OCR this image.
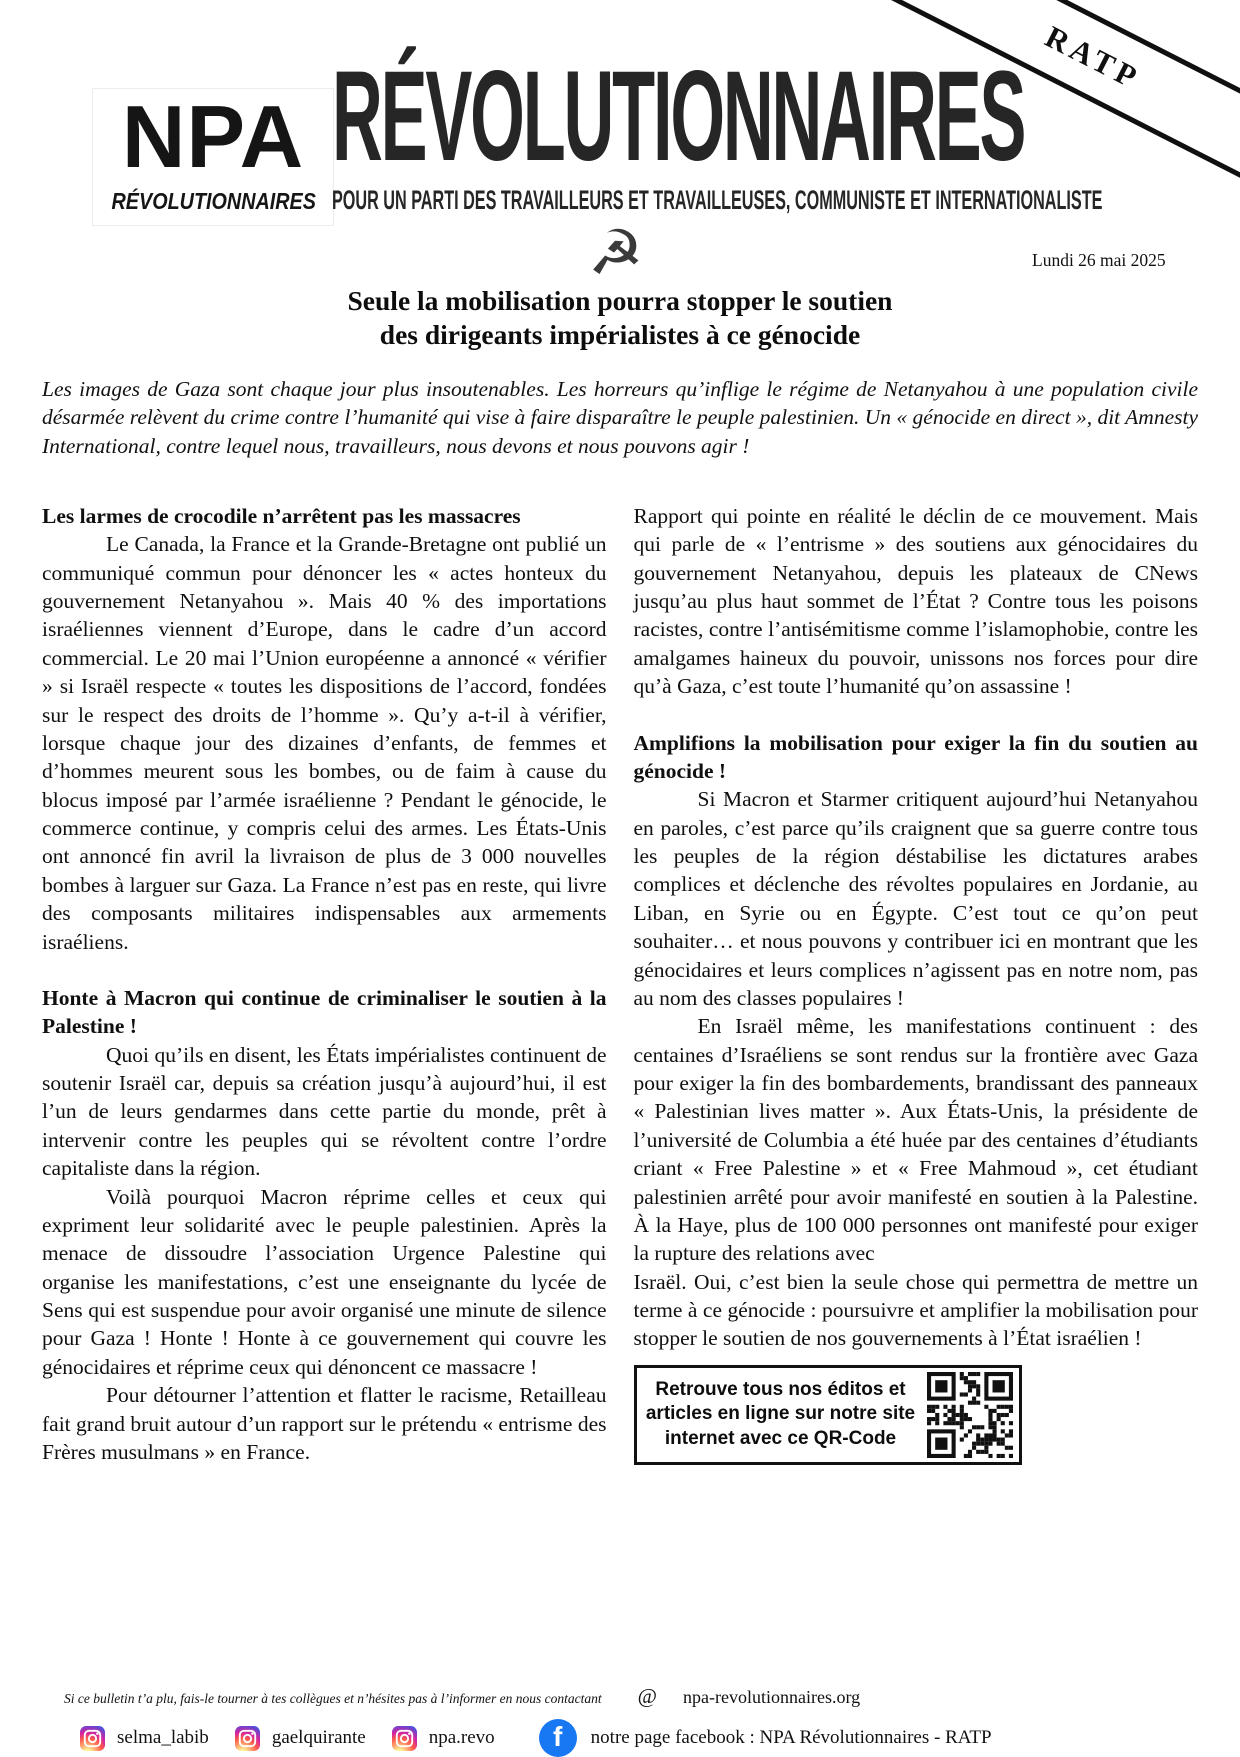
RATP
NPA
RÉVOLUTIONNAIRES
RÉVOLUTIONNAIRES
POUR UN PARTI DES TRAVAILLEURS ET TRAVAILLEUSES, COMMUNISTE ET INTERNATIONALISTE
Lundi 26 mai 2025
☭
Seule la mobilisation pourra stopper le soutien
des dirigeants impérialistes à ce génocide
Les images de Gaza sont chaque jour plus insoutenables. Les horreurs qu’inflige le régime de Netanyahou à une population civile désarmée relèvent du crime contre l’humanité qui vise à faire disparaître le peuple palestinien. Un « génocide en direct », dit Amnesty International, contre lequel nous, travailleurs, nous devons et nous pouvons agir !
Les larmes de crocodile n’arrêtent pas les massacres

Le Canada, la France et la Grande-Bretagne ont publié un communiqué commun pour dénoncer les « actes honteux du gouvernement Netanyahou ». Mais 40 % des importations israéliennes viennent d’Europe, dans le cadre d’un accord commercial. Le 20 mai l’Union européenne a annoncé « vérifier » si Israël respecte « toutes les dispositions de l’accord, fondées sur le respect des droits de l’homme ». Qu’y a-t-il à vérifier, lorsque chaque jour des dizaines d’enfants, de femmes et d’hommes meurent sous les bombes, ou de faim à cause du blocus imposé par l’armée israélienne ? Pendant le génocide, le commerce continue, y compris celui des armes. Les États-Unis ont annoncé fin avril la livraison de plus de 3 000 nouvelles bombes à larguer sur Gaza. La France n’est pas en reste, qui livre des composants militaires indispensables aux armements israéliens.

Honte à Macron qui continue de criminaliser le soutien à la Palestine !

Quoi qu’ils en disent, les États impérialistes continuent de soutenir Israël car, depuis sa création jusqu’à aujourd’hui, il est l’un de leurs gendarmes dans cette partie du monde, prêt à intervenir contre les peuples qui se révoltent contre l’ordre capitaliste dans la région.

Voilà pourquoi Macron réprime celles et ceux qui expriment leur solidarité avec le peuple palestinien. Après la menace de dissoudre l’association Urgence Palestine qui organise les manifestations, c’est une enseignante du lycée de Sens qui est suspendue pour avoir organisé une minute de silence pour Gaza ! Honte ! Honte à ce gouvernement qui couvre les génocidaires et réprime ceux qui dénoncent ce massacre !

Pour détourner l’attention et flatter le racisme, Retailleau fait grand bruit autour d’un rapport sur le prétendu « entrisme des Frères musulmans » en France.

Rapport qui pointe en réalité le déclin de ce mouvement. Mais qui parle de « l’entrisme » des soutiens aux génocidaires du gouvernement Netanyahou, depuis les plateaux de CNews jusqu’au plus haut sommet de l’État ? Contre tous les poisons racistes, contre l’antisémitisme comme l’islamophobie, contre les amalgames haineux du pouvoir, unissons nos forces pour dire qu’à Gaza, c’est toute l’humanité qu’on assassine !

Amplifions la mobilisation pour exiger la fin du soutien au génocide !

Si Macron et Starmer critiquent aujourd’hui Netanyahou en paroles, c’est parce qu’ils craignent que sa guerre contre tous les peuples de la région déstabilise les dictatures arabes complices et déclenche des révoltes populaires en Jordanie, au Liban, en Syrie ou en Égypte. C’est tout ce qu’on peut souhaiter… et nous pouvons y contribuer ici en montrant que les génocidaires et leurs complices n’agissent pas en notre nom, pas au nom des classes populaires !

En Israël même, les manifestations continuent : des centaines d’Israéliens se sont rendus sur la frontière avec Gaza pour exiger la fin des bombardements, brandissant des panneaux « Palestinian lives matter ». Aux États-Unis, la présidente de l’université de Columbia a été huée par des centaines d’étudiants criant « Free Palestine » et « Free Mahmoud », cet étudiant palestinien arrêté pour avoir manifesté en soutien à la Palestine. À la Haye, plus de 100 000 personnes ont manifesté pour exiger la rupture des relations avec

Israël. Oui, c’est bien la seule chose qui permettra de mettre un terme à ce génocide : poursuivre et amplifier la mobilisation pour stopper le soutien de nos gouvernements à l’État israélien !

Retrouve tous nos éditos et articles en ligne sur notre site internet avec ce QR-Code
Si ce bulletin t’a plu, fais-le tourner à tes collègues et n’hésites pas à l’informer en nous contactant @ npa-revolutionnaires.org
selma_labib	gaelquirante	npa.revo	f	notre page facebook : NPA Révolutionnaires - RATP
